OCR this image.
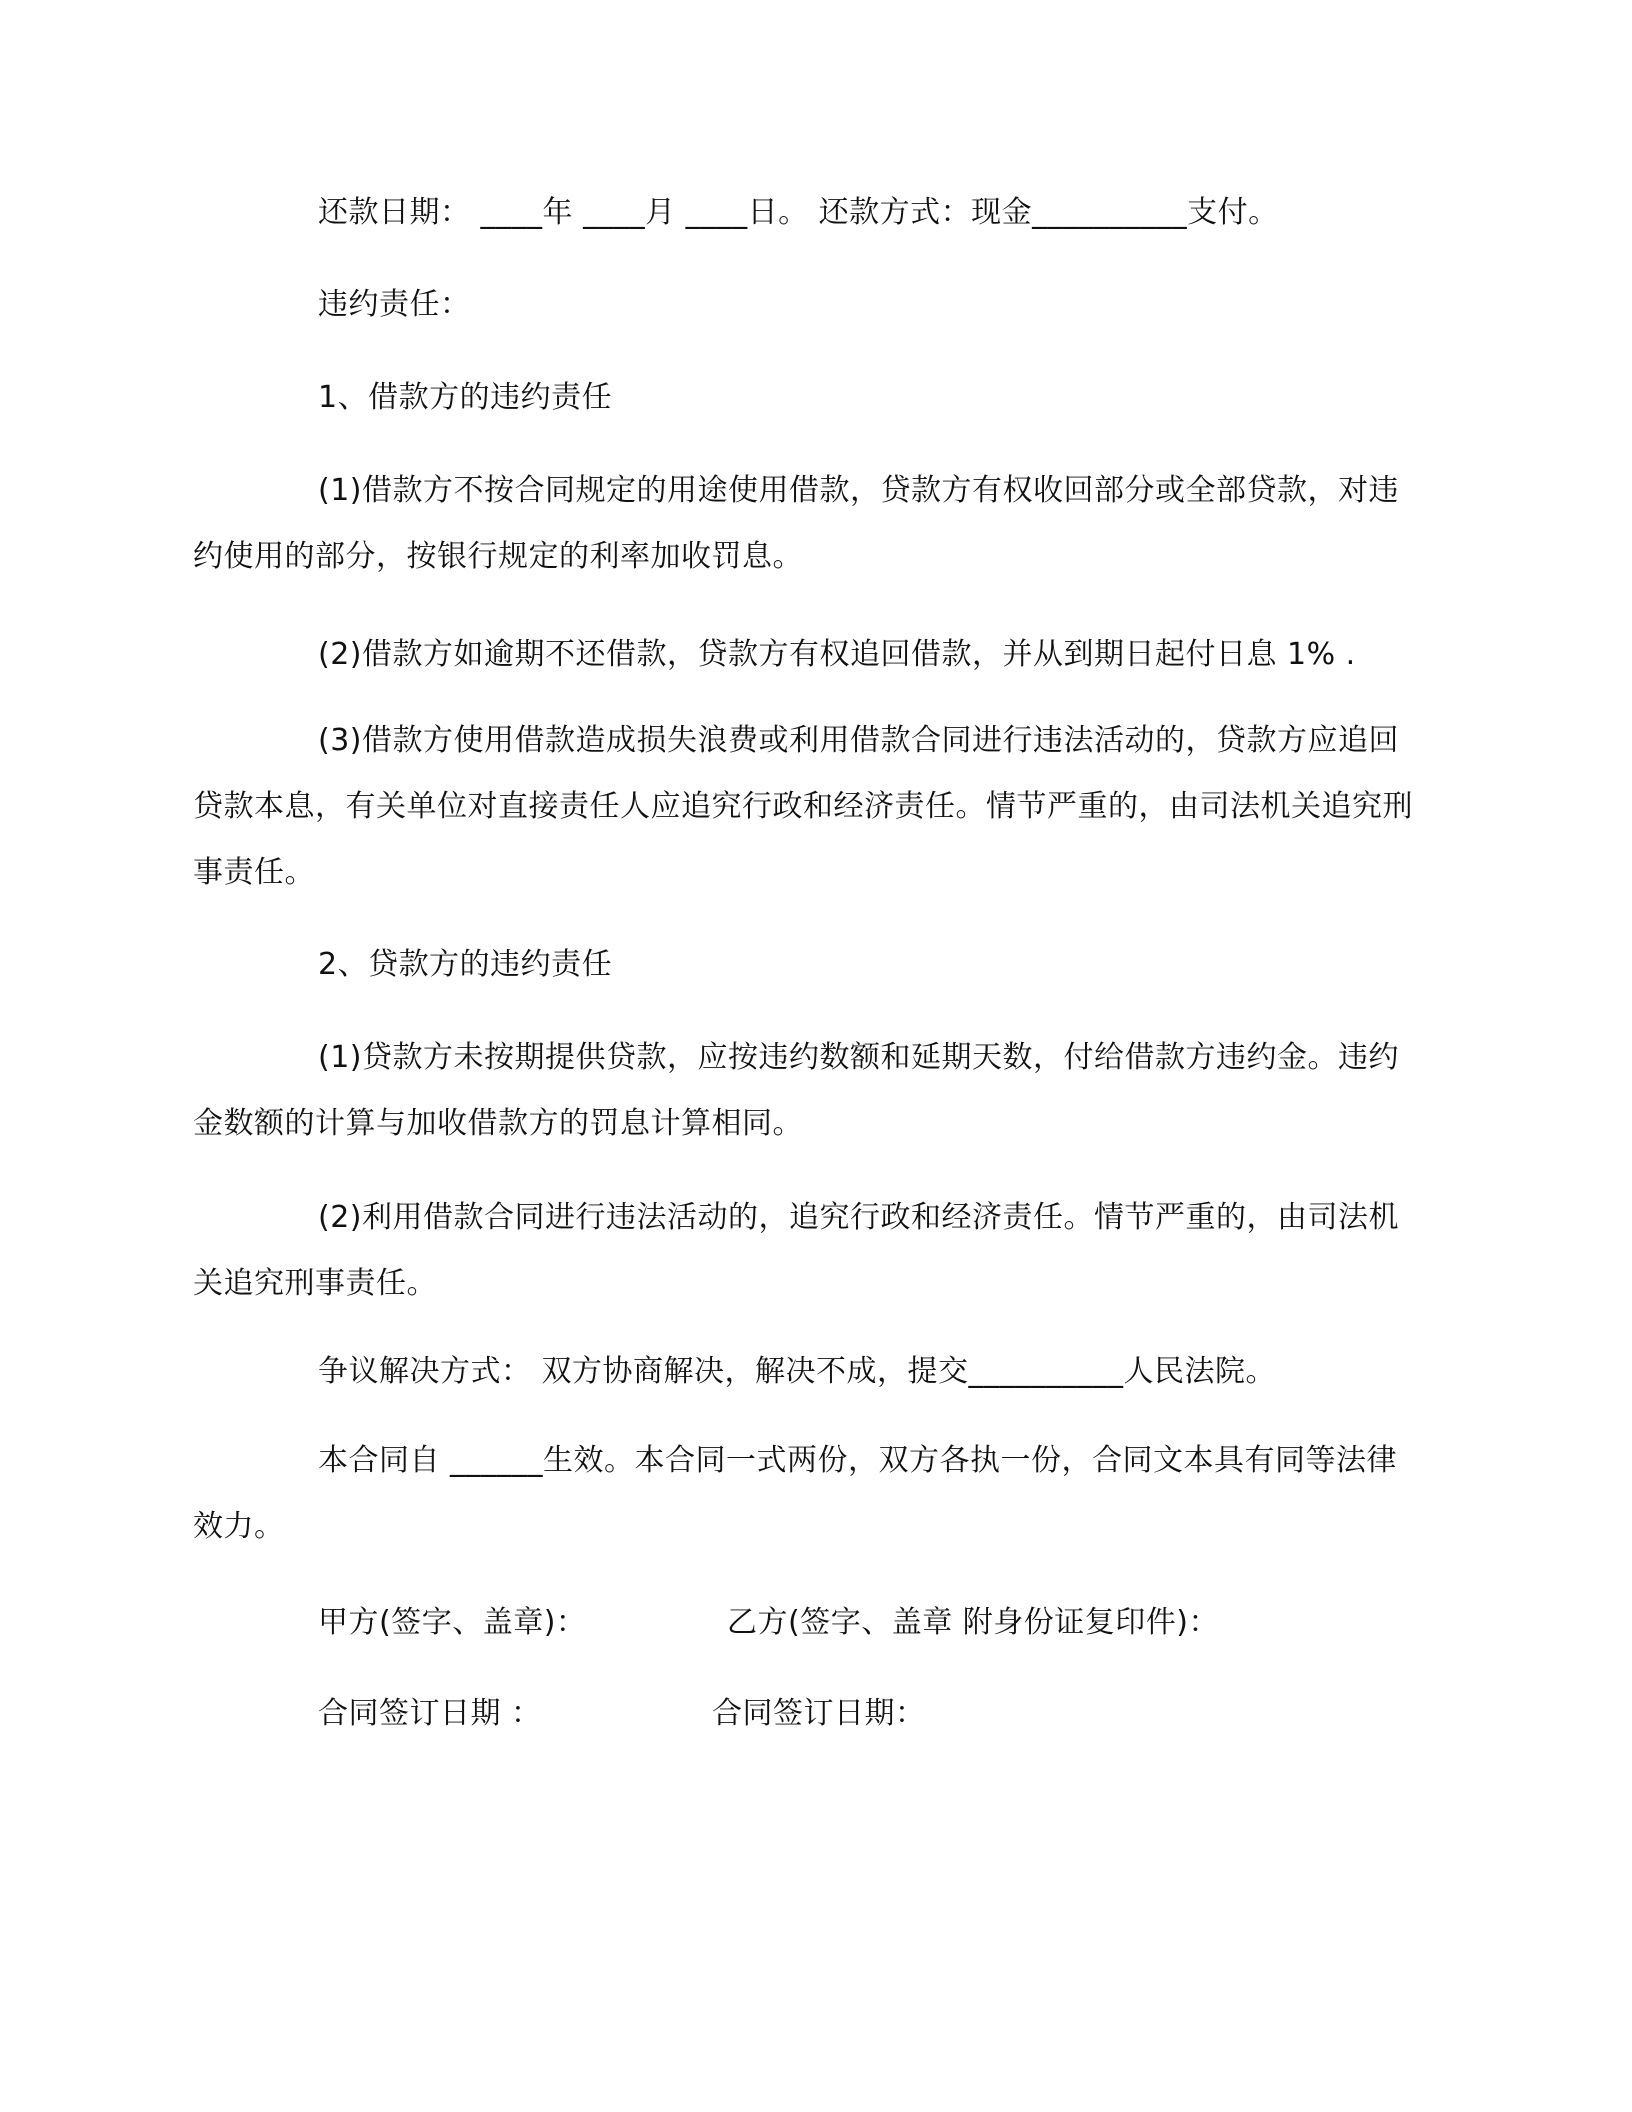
还款日期： ____年 ____月 ____日。 还款方式：现金__________支付。

违约责任：

1、借款方的违约责任

(1)借款方不按合同规定的用途使用借款，贷款方有权收回部分或全部贷款，对违约使用的部分，按银行规定的利率加收罚息。

(2)借款方如逾期不还借款，贷款方有权追回借款，并从到期日起付日息 1% .

(3)借款方使用借款造成损失浪费或利用借款合同进行违法活动的，贷款方应追回贷款本息，有关单位对直接责任人应追究行政和经济责任。情节严重的，由司法机关追究刑事责任。

2、贷款方的违约责任

(1)贷款方未按期提供贷款，应按违约数额和延期天数，付给借款方违约金。违约金数额的计算与加收借款方的罚息计算相同。

(2)利用借款合同进行违法活动的，追究行政和经济责任。情节严重的，由司法机关追究刑事责任。

争议解决方式： 双方协商解决，解决不成，提交__________人民法院。

本合同自 ______生效。本合同一式两份，双方各执一份，合同文本具有同等法律效力。

甲方(签字、盖章)：	乙方(签字、盖章 附身份证复印件)：

合同签订日期 ：	合同签订日期：
